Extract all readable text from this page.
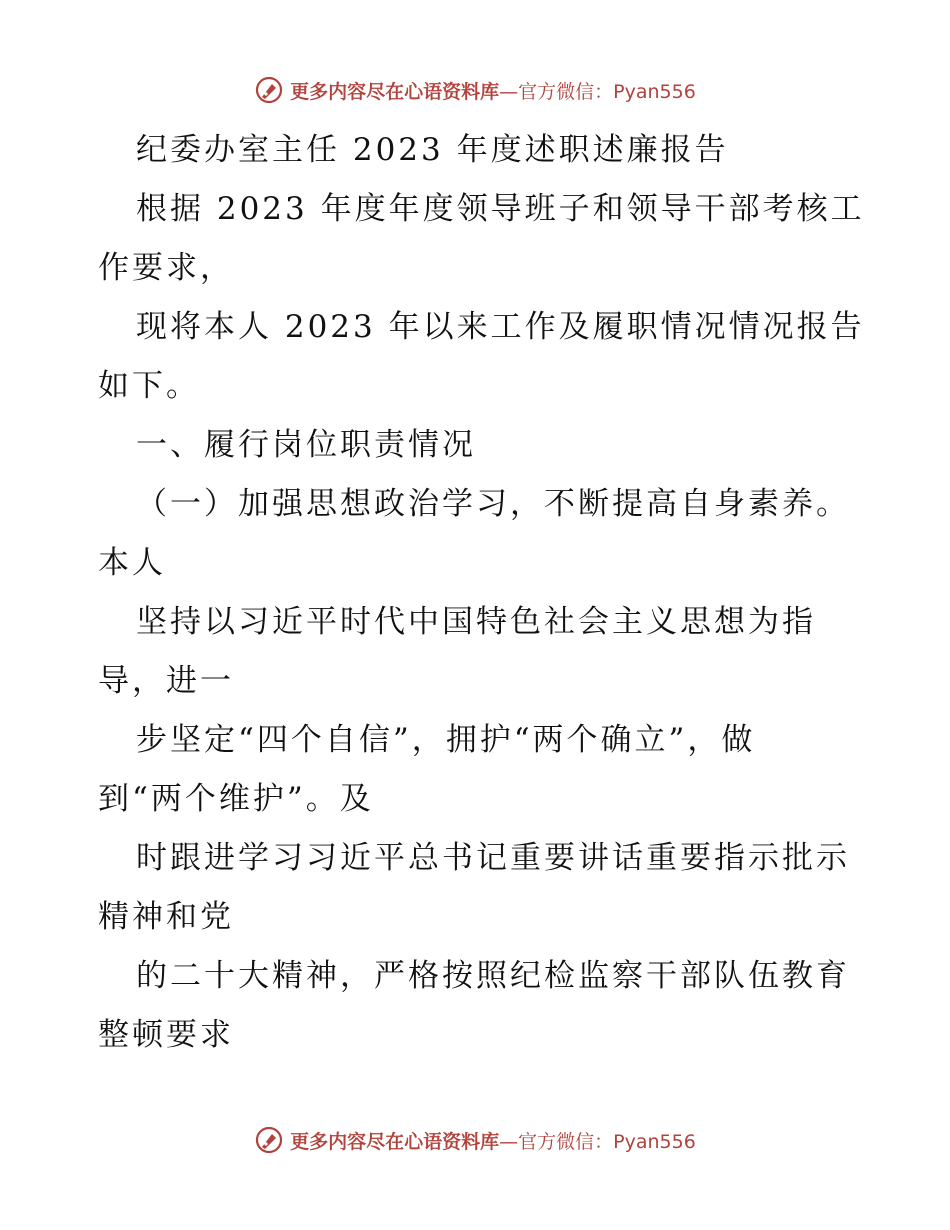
更多内容尽在心语资料库 —官方微信：Pyan556
纪委办室主任 2023 年度述职述廉报告
根据 2023 年度年度领导班子和领导干部考核工
作要求，
现将本人 2023 年以来工作及履职情况情况报告
如下。
一、履行岗位职责情况
（一）加强思想政治学习，不断提高自身素养。
本人
坚持以习近平时代中国特色社会主义思想为指
导，进一
步坚定“四个自信”，拥护“两个确立”，做
到“两个维护”。及
时跟进学习习近平总书记重要讲话重要指示批示
精神和党
的二十大精神，严格按照纪检监察干部队伍教育
整顿要求
更多内容尽在心语资料库 —官方微信：Pyan556
